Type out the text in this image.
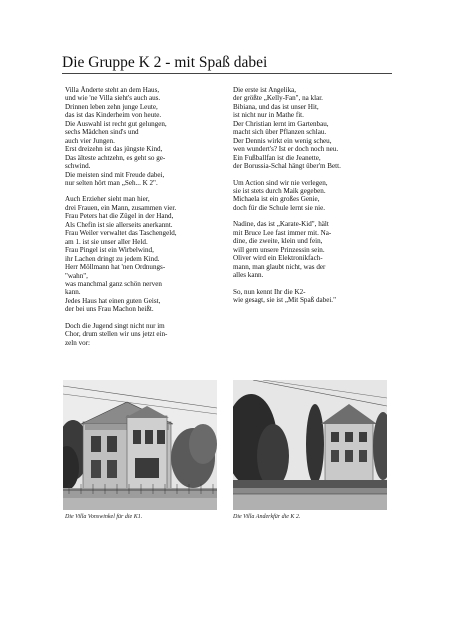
Die Gruppe K 2 - mit Spaß dabei
Villa Änderte steht an dem Haus,
und wie 'ne Villa sieht's auch aus.
Drinnen leben zehn junge Leute,
das ist das Kinderheim von heute.
Die Auswahl ist recht gut gelungen,
sechs Mädchen sind's und
auch vier Jungen.
Erst dreizehn ist das jüngste Kind,
Das älteste achtzehn, es geht so ge-
schwind.
Die meisten sind mit Freude dabei,
nur selten hört man „Seh... K 2".
Auch Erzieher sieht man hier,
drei Frauen, ein Mann, zusammen vier.
Frau Peters hat die Zügel in der Hand,
Als Chefin ist sie allerseits anerkannt.
Frau Weiler verwaltet das Taschengeld,
am 1. ist sie unser aller Held.
Frau Pingel ist ein Wirbelwind,
ihr Lachen dringt zu jedem Kind.
Herr Möllmann hat 'nen Ordnungs-
"wahn",
was manchmal ganz schön nerven
kann.
Jedes Haus hat einen guten Geist,
der bei uns Frau Machon heißt.
Doch die Jugend singt nicht nur im
Chor, drum stellen wir uns jetzt ein-
zeln vor:
Die erste ist Angelika,
der größte „Kelly-Fan", na klar.
Bibiana, und das ist unser Hit,
ist nicht nur in Mathe fit.
Der Christian lernt im Gartenbau,
macht sich über Pflanzen schlau.
Der Dennis wirkt ein wenig scheu,
wen wundert's? Ist er doch noch neu.
Ein Fußballfan ist die Jeanette,
der Borussia-Schal hängt über'm Bett.
Um Action sind wir nie verlegen,
sie ist stets durch Maik gegeben.
Michaela ist ein großes Genie,
doch für die Schule lernt sie nie.
Nadine, das ist „Karate-Kid", hält
mit Bruce Lee fast immer mit. Na-
dine, die zweite, klein und fein,
will gern unsere Prinzessin sein.
Oliver wird ein Elektronikfach-
mann, man glaubt nicht, was der
alles kann.
So, nun kennt Ihr die K2-
wie gesagt, sie ist „Mit Spaß dabei."
Die Villa Vonswinkel für die K1.	Die Villa Anderkfür die K 2.
